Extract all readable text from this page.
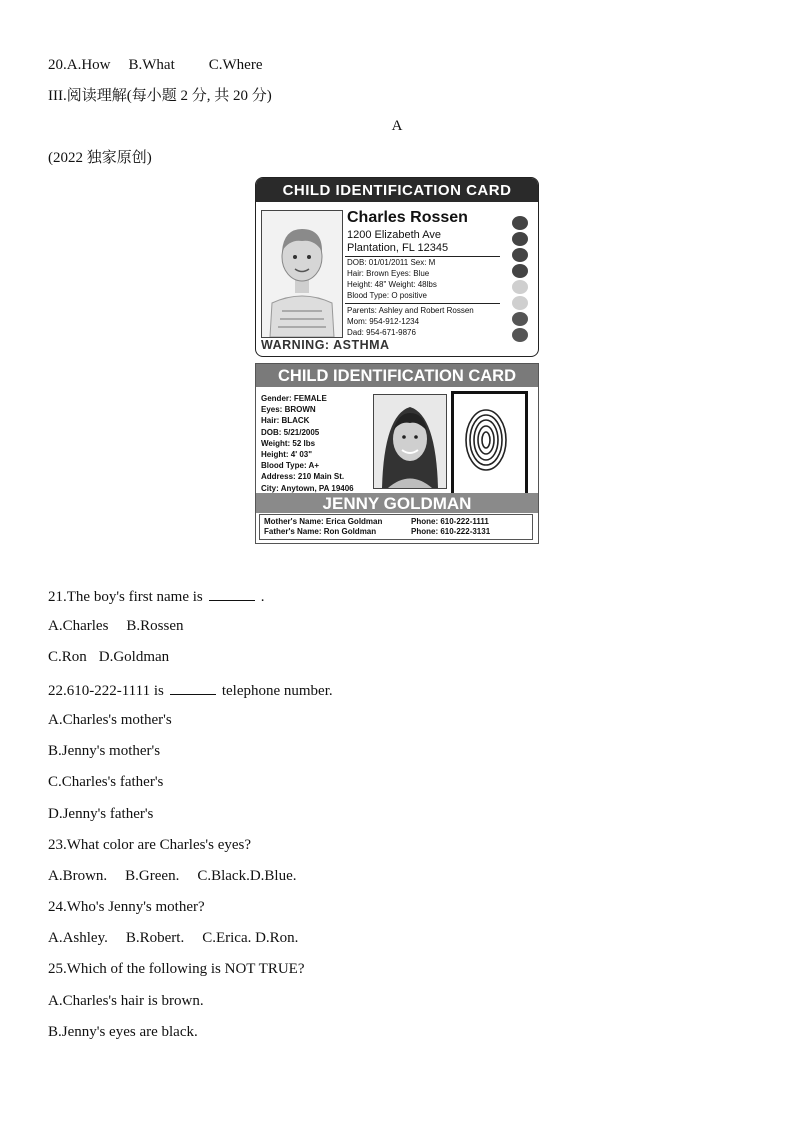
20.A.How B.What C.Where
III.阅读理解(每小题 2 分, 共 20 分)
A
(2022 独家原创)
CHILD IDENTIFICATION CARD
Charles Rossen
1200 Elizabeth Ave
Plantation, FL 12345
DOB: 01/01/2011 Sex: M
Hair: Brown Eyes: Blue
Height: 48" Weight: 48lbs
Blood Type: O positive
Parents: Ashley and Robert Rossen
Mom: 954-912-1234
Dad: 954-671-9876
WARNING: ASTHMA
CHILD IDENTIFICATION CARD
Gender: FEMALE
Eyes: BROWN
Hair: BLACK
DOB: 5/21/2005
Weight: 52 lbs
Height: 4' 03"
Blood Type: A+
Address: 210 Main St.
City: Anytown, PA 19406
JENNY GOLDMAN
Mother's Name: Erica Goldman	Phone: 610-222-1111
Father's Name: Ron Goldman	Phone: 610-222-3131
21.The boy's first name is	.
A.Charles B.Rossen
C.Ron D.Goldman
22.610-222-1111 is	telephone number.
A.Charles's mother's
B.Jenny's mother's
C.Charles's father's
D.Jenny's father's
23.What color are Charles's eyes?
A.Brown. B.Green. C.Black.D.Blue.
24.Who's Jenny's mother?
A.Ashley. B.Robert. C.Erica. D.Ron.
25.Which of the following is NOT TRUE?
A.Charles's hair is brown.
B.Jenny's eyes are black.
